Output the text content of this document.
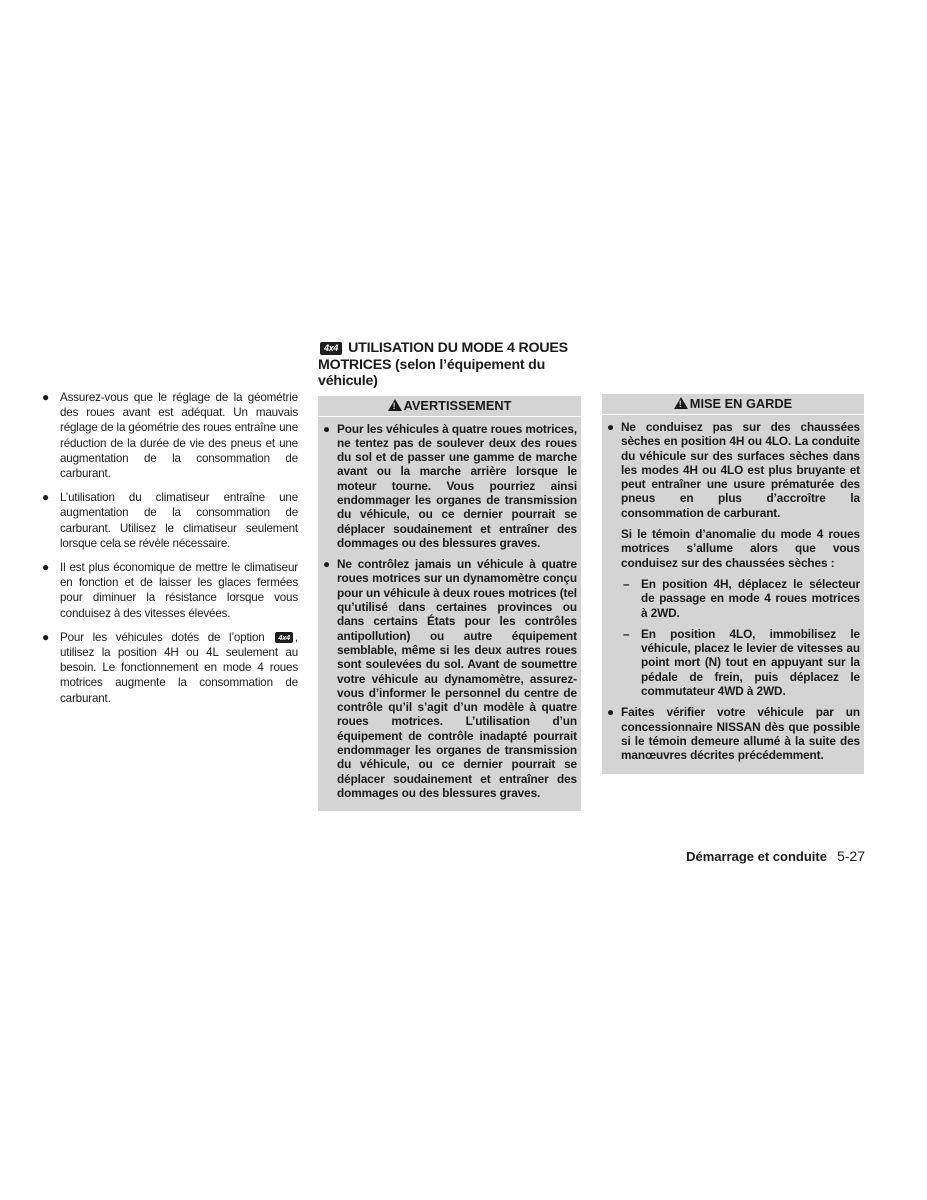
● Assurez-vous que le réglage de la géométrie des roues avant est adéquat. Un mauvais réglage de la géométrie des roues entraîne une réduction de la durée de vie des pneus et une augmentation de la consommation de carburant.
● L’utilisation du climatiseur entraîne une augmentation de la consommation de carburant. Utilisez le climatiseur seulement lorsque cela se révèle nécessaire.
● Il est plus économique de mettre le climatiseur en fonction et de laisser les glaces fermées pour diminuer la résistance lorsque vous conduisez à des vitesses élevées.
● Pour les véhicules dotés de l’option 4x4 , utilisez la position 4H ou 4L seulement au besoin. Le fonctionnement en mode 4 roues motrices augmente la consommation de carburant.
4x4 UTILISATION DU MODE 4 ROUES MOTRICES (selon l’équipement du véhicule)
!AVERTISSEMENT
● Pour les véhicules à quatre roues motrices, ne tentez pas de soulever deux des roues du sol et de passer une gamme de marche avant ou la marche arrière lorsque le moteur tourne. Vous pourriez ainsi endommager les organes de transmission du véhicule, ou ce dernier pourrait se déplacer soudainement et entraîner des dommages ou des blessures graves.
● Ne contrôlez jamais un véhicule à quatre roues motrices sur un dynamomètre conçu pour un véhicule à deux roues motrices (tel qu’utilisé dans certaines provinces ou dans certains États pour les contrôles antipollution) ou autre équipement semblable, même si les deux autres roues sont soulevées du sol. Avant de soumettre votre véhicule au dynamomètre, assurez-vous d’informer le personnel du centre de contrôle qu’il s’agit d’un modèle à quatre roues motrices. L’utilisation d’un équipement de contrôle inadapté pourrait endommager les organes de transmission du véhicule, ou ce dernier pourrait se déplacer soudainement et entraîner des dommages ou des blessures graves.
!MISE EN GARDE
● Ne conduisez pas sur des chaussées sèches en position 4H ou 4LO. La conduite du véhicule sur des surfaces sèches dans les modes 4H ou 4LO est plus bruyante et peut entraîner une usure prématurée des pneus en plus d’accroître la consommation de carburant.
Si le témoin d’anomalie du mode 4 roues motrices s’allume alors que vous conduisez sur des chaussées sèches :
– En position 4H, déplacez le sélecteur de passage en mode 4 roues motrices à 2WD.
– En position 4LO, immobilisez le véhicule, placez le levier de vitesses au point mort (N) tout en appuyant sur la pédale de frein, puis déplacez le commutateur 4WD à 2WD.
● Faites vérifier votre véhicule par un concessionnaire NISSAN dès que possible si le témoin demeure allumé à la suite des manœuvres décrites précédemment.
Démarrage et conduite 5-27
